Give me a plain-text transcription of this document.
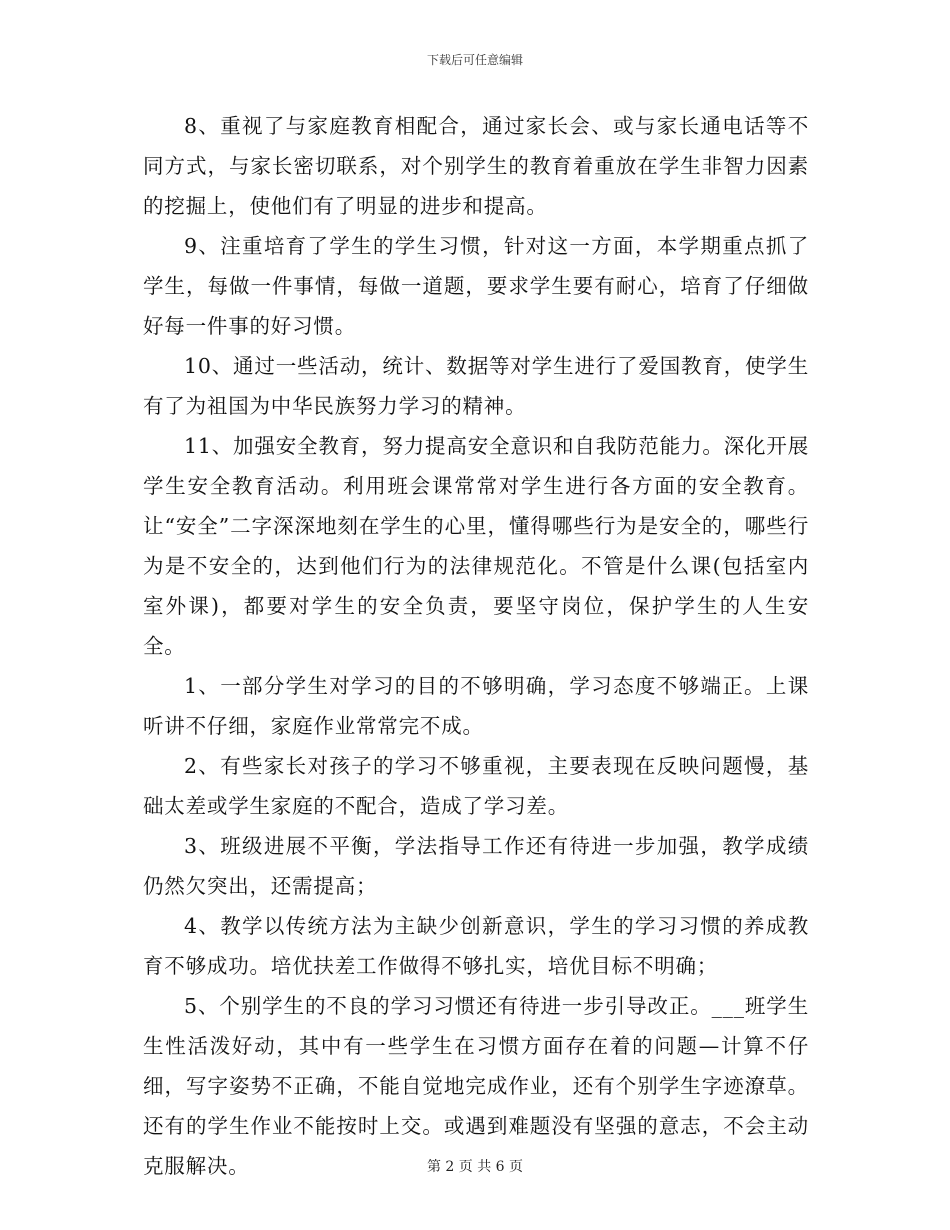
下载后可任意编辑

8、重视了与家庭教育相配合，通过家长会、或与家长通电话等不同方式，与家长密切联系，对个别学生的教育着重放在学生非智力因素的挖掘上，使他们有了明显的进步和提高。

9、注重培育了学生的学生习惯，针对这一方面，本学期重点抓了学生，每做一件事情，每做一道题，要求学生要有耐心，培育了仔细做好每一件事的好习惯。

10、通过一些活动，统计、数据等对学生进行了爱国教育，使学生有了为祖国为中华民族努力学习的精神。

11、加强安全教育，努力提高安全意识和自我防范能力。深化开展学生安全教育活动。利用班会课常常对学生进行各方面的安全教育。让“安全”二字深深地刻在学生的心里，懂得哪些行为是安全的，哪些行为是不安全的，达到他们行为的法律规范化。不管是什么课(包括室内室外课)，都要对学生的安全负责，要坚守岗位，保护学生的人生安全。

1、一部分学生对学习的目的不够明确，学习态度不够端正。上课听讲不仔细，家庭作业常常完不成。

2、有些家长对孩子的学习不够重视，主要表现在反映问题慢，基础太差或学生家庭的不配合，造成了学习差。

3、班级进展不平衡，学法指导工作还有待进一步加强，教学成绩仍然欠突出，还需提高；

4、教学以传统方法为主缺少创新意识，学生的学习习惯的养成教育不够成功。培优扶差工作做得不够扎实，培优目标不明确；

5、个别学生的不良的学习习惯还有待进一步引导改正。___班学生生性活泼好动，其中有一些学生在习惯方面存在着的问题—计算不仔细，写字姿势不正确，不能自觉地完成作业，还有个别学生字迹潦草。还有的学生作业不能按时上交。或遇到难题没有坚强的意志，不会主动克服解决。	第 2 页 共 6 页
